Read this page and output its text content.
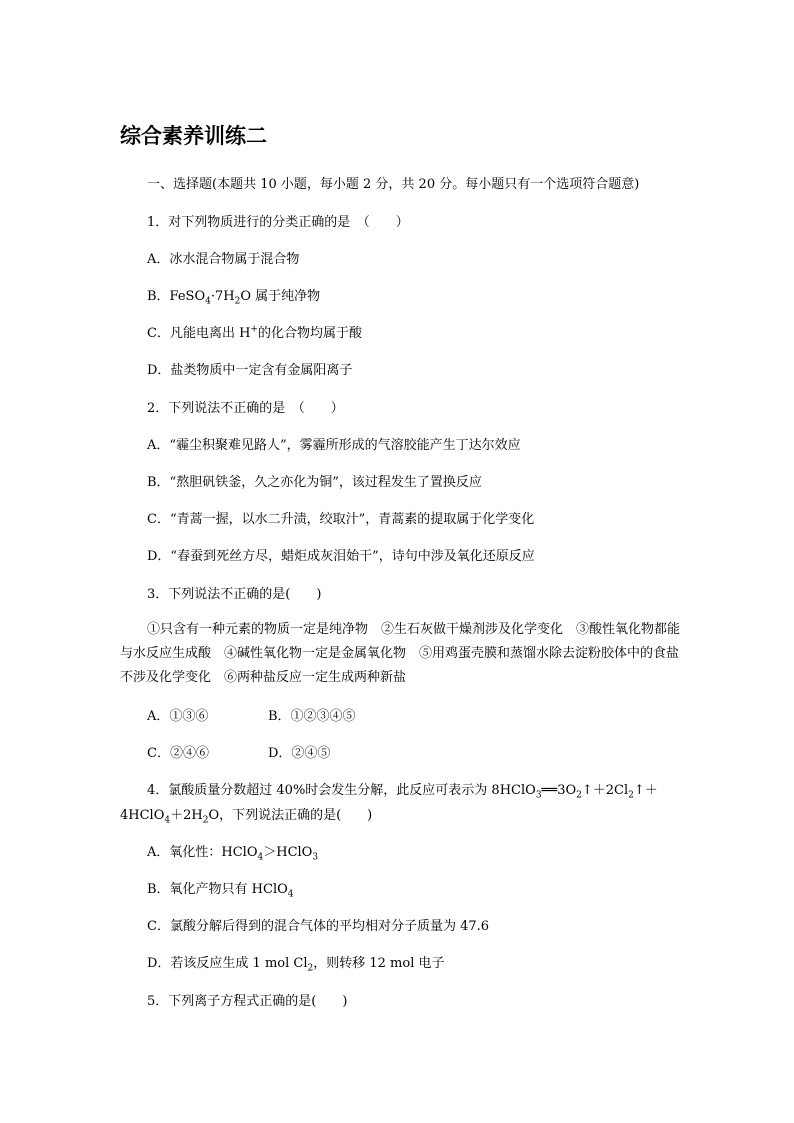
综合素养训练二
一、选择题(本题共 10 小题，每小题 2 分，共 20 分。每小题只有一个选项符合题意)
1．对下列物质进行的分类正确的是　（　　）
A．冰水混合物属于混合物
B．$FeSO_4\cdot 7H_2O$ 属于纯净物
C．凡能电离出 H+的化合物均属于酸
D．盐类物质中一定含有金属阳离子
2．下列说法不正确的是　（　　）
A．“霾尘积聚难见路人”，雾霾所形成的气溶胶能产生丁达尔效应
B．“熬胆矾铁釜，久之亦化为铜”，该过程发生了置换反应
C．“青蒿一握，以水二升渍，绞取汁”，青蒿素的提取属于化学变化
D．“春蚕到死丝方尽，蜡炬成灰泪始干”，诗句中涉及氧化还原反应
3．下列说法不正确的是(　　)
①只含有一种元素的物质一定是纯净物　②生石灰做干燥剂涉及化学变化　③酸性氧化物都能与水反应生成酸　④碱性氧化物一定是金属氧化物　⑤用鸡蛋壳膜和蒸馏水除去淀粉胶体中的食盐不涉及化学变化　⑥两种盐反应一定生成两种新盐
A．①③⑥	B．①②③④⑤
C．②④⑥	D．②④⑤
4．氯酸质量分数超过 40%时会发生分解，此反应可表示为 $8HClO_3══3O_2↑+2Cl_2↑+$
$4HClO_4+2H_2O$，下列说法正确的是(　　)
A．氧化性：HClO$_4$＞HClO$_3$
B．氧化产物只有 HClO$_4$
C．氯酸分解后得到的混合气体的平均相对分子质量为 47.6
D．若该反应生成 1 mol $Cl_2$，则转移 12 mol 电子
5．下列离子方程式正确的是(　　)
